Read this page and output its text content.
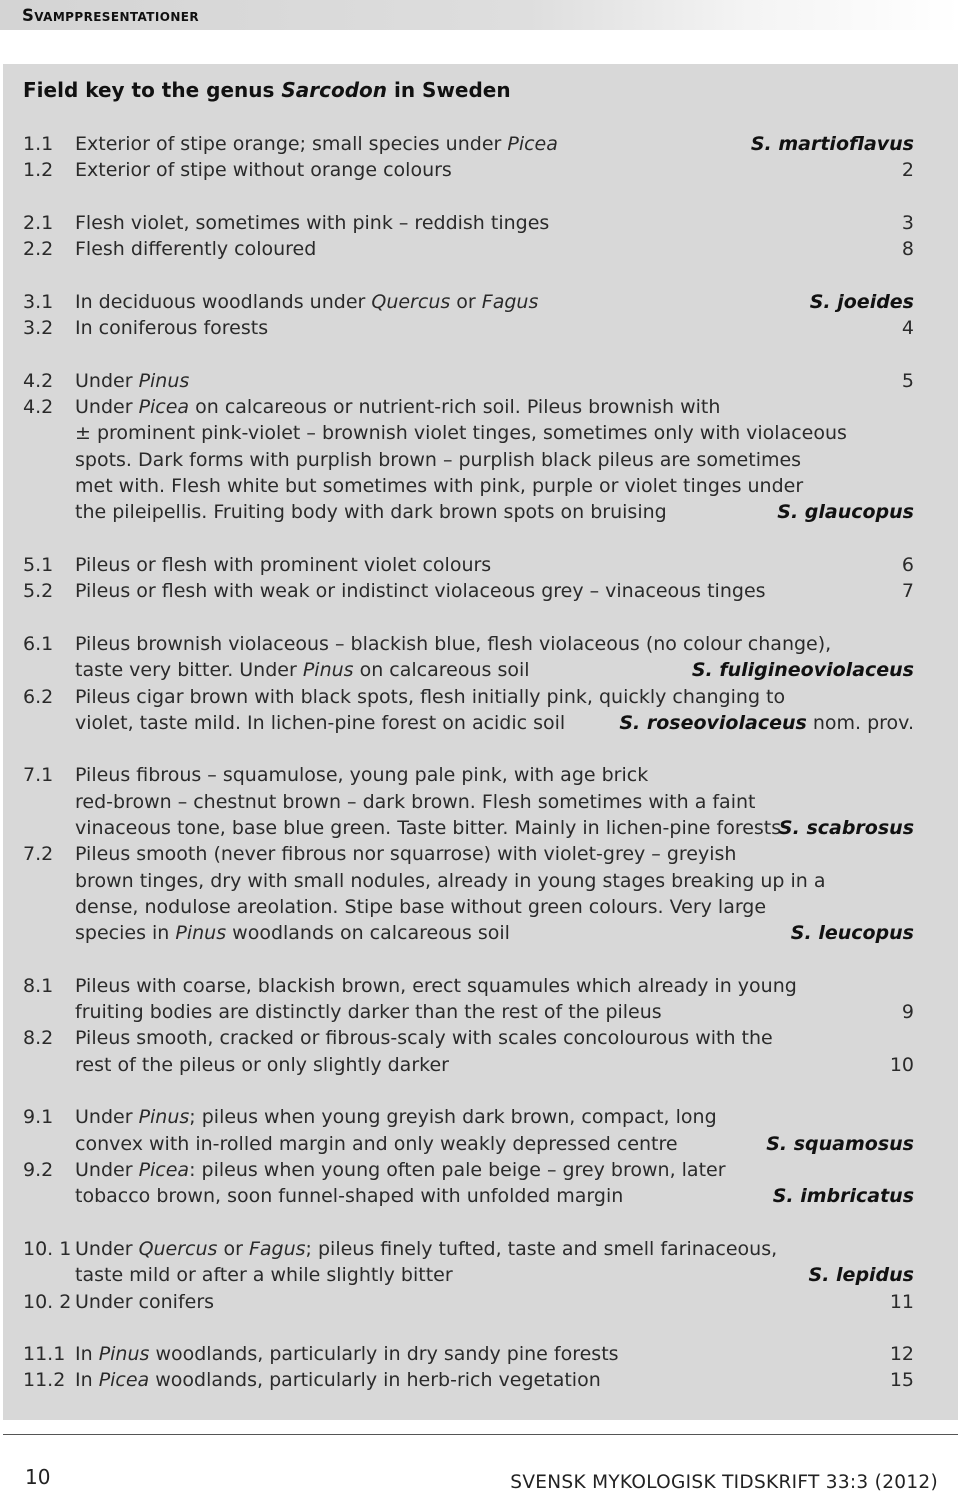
Svamppresentationer
Field key to the genus Sarcodon in Sweden
1.1 Exterior of stipe orange; small species under Picea	S. martioflavus
1.2 Exterior of stipe without orange colours	2
2.1 Flesh violet, sometimes with pink – reddish tinges	3
2.2 Flesh differently coloured	8
3.1 In deciduous woodlands under Quercus or Fagus	S. joeides
3.2 In coniferous forests	4
4.2 Under Pinus	5
4.2 Under Picea on calcareous or nutrient-rich soil. Pileus brownish with
± prominent pink-violet – brownish violet tinges, sometimes only with violaceous
spots. Dark forms with purplish brown – purplish black pileus are sometimes
met with. Flesh white but sometimes with pink, purple or violet tinges under
the pileipellis. Fruiting body with dark brown spots on bruising	S. glaucopus
5.1 Pileus or flesh with prominent violet colours	6
5.2 Pileus or flesh with weak or indistinct violaceous grey – vinaceous tinges	7
6.1 Pileus brownish violaceous – blackish blue, flesh violaceous (no colour change),
taste very bitter. Under Pinus on calcareous soil	S. fuligineoviolaceus
6.2 Pileus cigar brown with black spots, flesh initially pink, quickly changing to
violet, taste mild. In lichen-pine forest on acidic soil	S. roseoviolaceus nom. prov.
7.1 Pileus fibrous – squamulose, young pale pink, with age brick
red-brown – chestnut brown – dark brown. Flesh sometimes with a faint
vinaceous tone, base blue green. Taste bitter. Mainly in lichen-pine forests
S. scabrosus
7.2 Pileus smooth (never fibrous nor squarrose) with violet-grey – greyish
brown tinges, dry with small nodules, already in young stages breaking up in a
dense, nodulose areolation. Stipe base without green colours. Very large
species in Pinus woodlands on calcareous soil	S. leucopus
8.1 Pileus with coarse, blackish brown, erect squamules which already in young
fruiting bodies are distinctly darker than the rest of the pileus	9
8.2 Pileus smooth, cracked or fibrous-scaly with scales concolourous with the
rest of the pileus or only slightly darker	10
9.1 Under Pinus; pileus when young greyish dark brown, compact, long
convex with in-rolled margin and only weakly depressed centre	S. squamosus
9.2 Under Picea: pileus when young often pale beige – grey brown, later
tobacco brown, soon funnel-shaped with unfolded margin	S. imbricatus
10. 1 Under Quercus or Fagus; pileus finely tufted, taste and smell farinaceous,
taste mild or after a while slightly bitter	S. lepidus
10. 2 Under conifers	11
11.1 In Pinus woodlands, particularly in dry sandy pine forests	12
11.2 In Picea woodlands, particularly in herb-rich vegetation	15
10	SVENSK MYKOLOGISK TIDSKRIFT 33:3 (2012)
